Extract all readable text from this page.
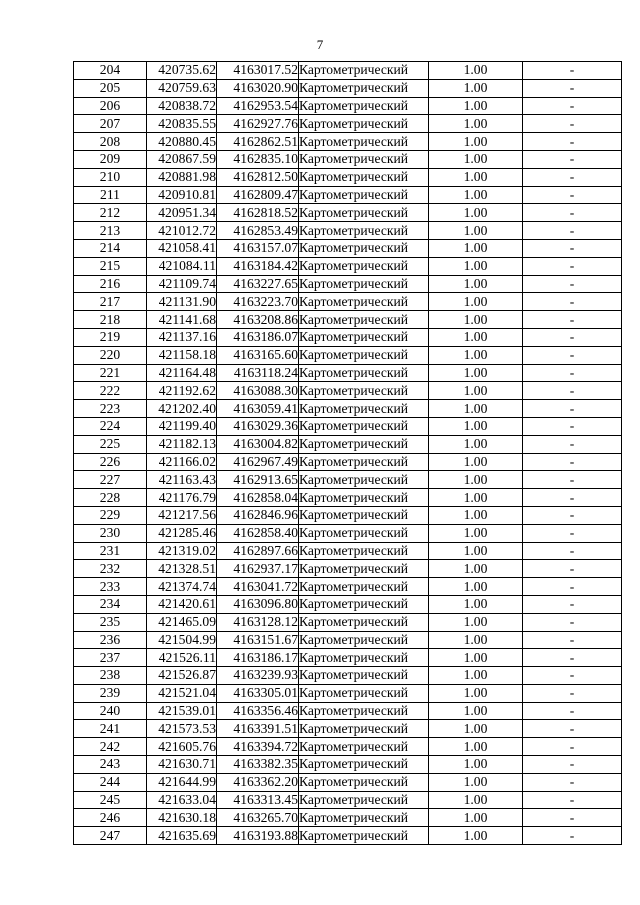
7
204	420735.62	4163017.52	Картометрический	1.00	-
205	420759.63	4163020.90	Картометрический	1.00	-
206	420838.72	4162953.54	Картометрический	1.00	-
207	420835.55	4162927.76	Картометрический	1.00	-
208	420880.45	4162862.51	Картометрический	1.00	-
209	420867.59	4162835.10	Картометрический	1.00	-
210	420881.98	4162812.50	Картометрический	1.00	-
211	420910.81	4162809.47	Картометрический	1.00	-
212	420951.34	4162818.52	Картометрический	1.00	-
213	421012.72	4162853.49	Картометрический	1.00	-
214	421058.41	4163157.07	Картометрический	1.00	-
215	421084.11	4163184.42	Картометрический	1.00	-
216	421109.74	4163227.65	Картометрический	1.00	-
217	421131.90	4163223.70	Картометрический	1.00	-
218	421141.68	4163208.86	Картометрический	1.00	-
219	421137.16	4163186.07	Картометрический	1.00	-
220	421158.18	4163165.60	Картометрический	1.00	-
221	421164.48	4163118.24	Картометрический	1.00	-
222	421192.62	4163088.30	Картометрический	1.00	-
223	421202.40	4163059.41	Картометрический	1.00	-
224	421199.40	4163029.36	Картометрический	1.00	-
225	421182.13	4163004.82	Картометрический	1.00	-
226	421166.02	4162967.49	Картометрический	1.00	-
227	421163.43	4162913.65	Картометрический	1.00	-
228	421176.79	4162858.04	Картометрический	1.00	-
229	421217.56	4162846.96	Картометрический	1.00	-
230	421285.46	4162858.40	Картометрический	1.00	-
231	421319.02	4162897.66	Картометрический	1.00	-
232	421328.51	4162937.17	Картометрический	1.00	-
233	421374.74	4163041.72	Картометрический	1.00	-
234	421420.61	4163096.80	Картометрический	1.00	-
235	421465.09	4163128.12	Картометрический	1.00	-
236	421504.99	4163151.67	Картометрический	1.00	-
237	421526.11	4163186.17	Картометрический	1.00	-
238	421526.87	4163239.93	Картометрический	1.00	-
239	421521.04	4163305.01	Картометрический	1.00	-
240	421539.01	4163356.46	Картометрический	1.00	-
241	421573.53	4163391.51	Картометрический	1.00	-
242	421605.76	4163394.72	Картометрический	1.00	-
243	421630.71	4163382.35	Картометрический	1.00	-
244	421644.99	4163362.20	Картометрический	1.00	-
245	421633.04	4163313.45	Картометрический	1.00	-
246	421630.18	4163265.70	Картометрический	1.00	-
247	421635.69	4163193.88	Картометрический	1.00	-
